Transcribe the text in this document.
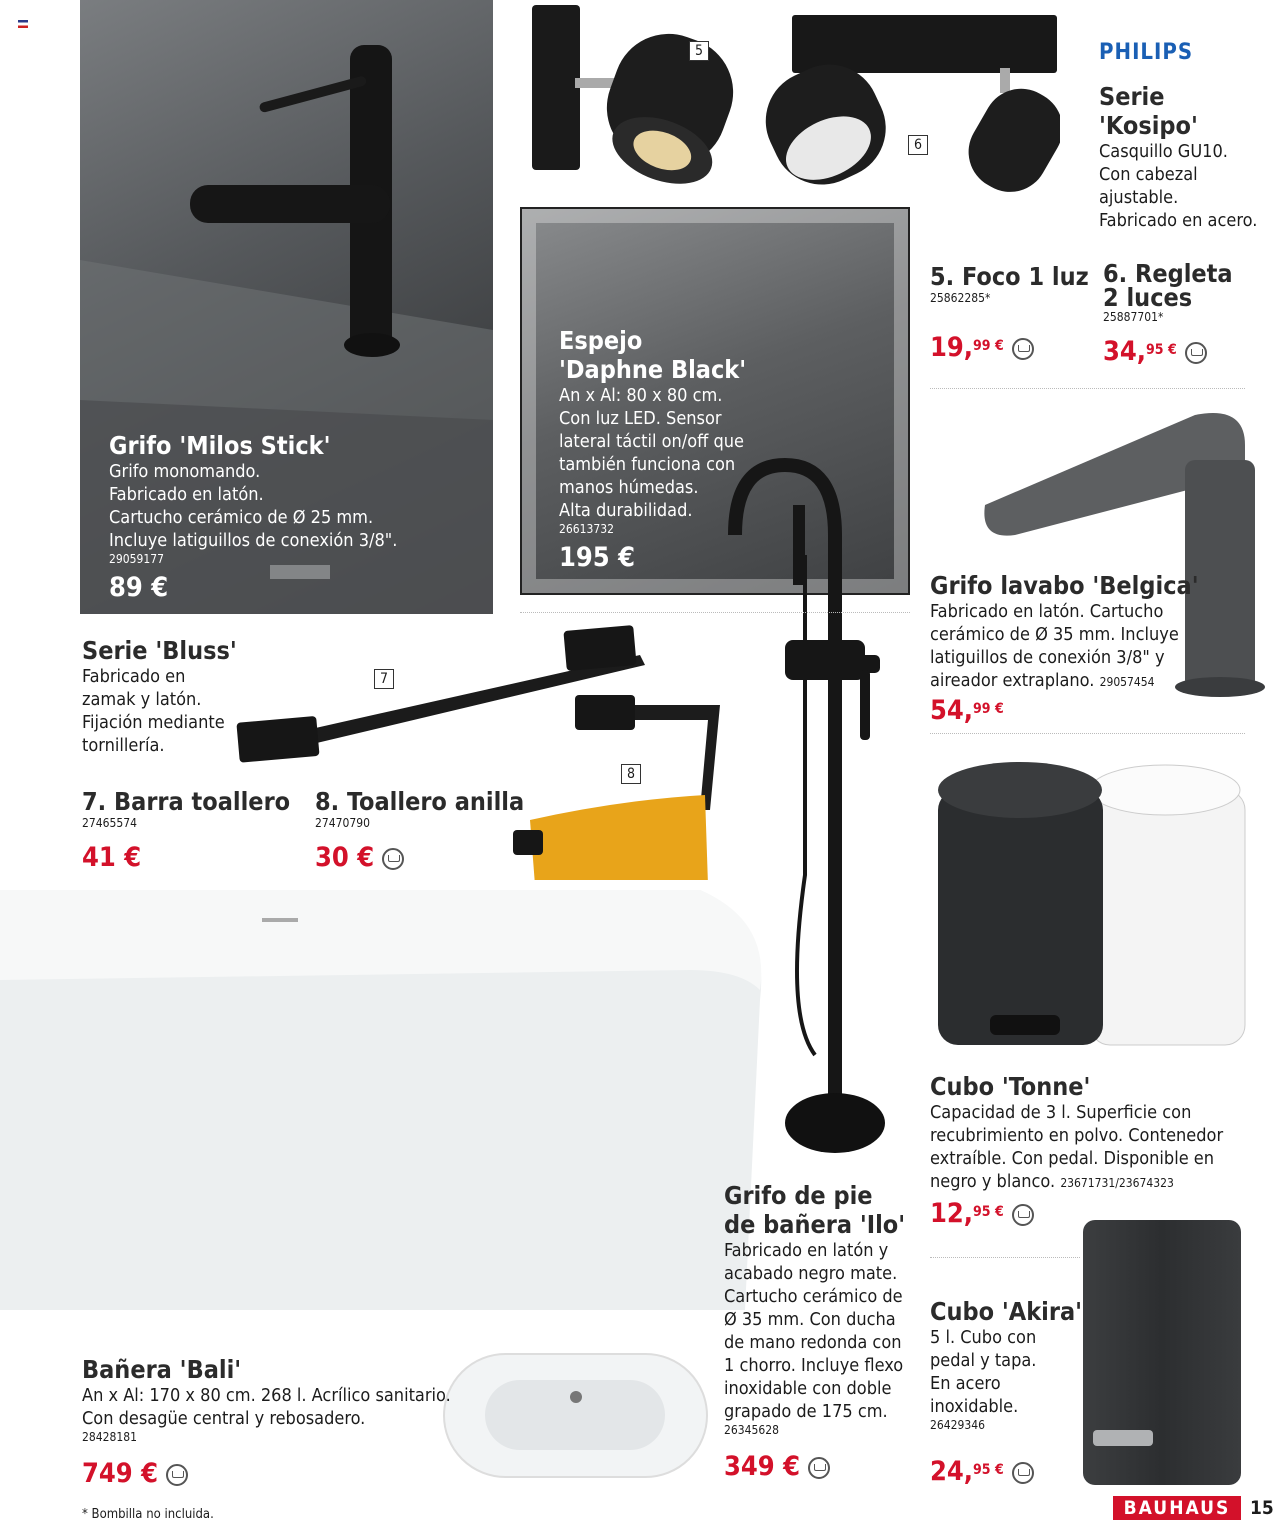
5
6
7
8
Grifo 'Milos Stick'
Grifo monomando.
Fabricado en latón.
Cartucho cerámico de Ø 25 mm.
Incluye latiguillos de conexión 3/8".
29059177
89 €
Espejo
'Daphne Black'
An x Al: 80 x 80 cm.
Con luz LED. Sensor
lateral táctil on/off que
también funciona con
manos húmedas.
Alta durabilidad.
26613732
195 €
PHILIPS
Serie
'Kosipo'
Casquillo GU10.
Con cabezal
ajustable.
Fabricado en acero.
5. Foco 1 luz
25862285*
19,$^{99 €}$
6. Regleta
2 luces
25887701*
34,$^{95 €}$
Grifo lavabo 'Belgica'
Fabricado en latón. Cartucho
cerámico de Ø 35 mm. Incluye
latiguillos de conexión 3/8" y
aireador extraplano. 29057454
54,$^{99 €}$
Serie 'Bluss'
Fabricado en
zamak y latón.
Fijación mediante
tornillería.
7. Barra toallero
27465574
41 €
8. Toallero anilla
27470790
30 €
Cubo 'Tonne'
Capacidad de 3 l. Superficie con
recubrimiento en polvo. Contenedor
extraíble. Con pedal. Disponible en
negro y blanco. 23671731/23674323
12,$^{95 €}$
Grifo de pie
de bañera 'Ilo'
Fabricado en latón y
acabado negro mate.
Cartucho cerámico de
Ø 35 mm. Con ducha
de mano redonda con
1 chorro. Incluye flexo
inoxidable con doble
grapado de 175 cm.
26345628
349 €
Cubo 'Akira'
5 l. Cubo con
pedal y tapa.
En acero
inoxidable.
26429346
24,$^{95 €}$
Bañera 'Bali'
An x Al: 170 x 80 cm. 268 l. Acrílico sanitario.
Con desagüe central y rebosadero.
28428181
749 €
* Bombilla no incluida.	BAUHAUS	15
